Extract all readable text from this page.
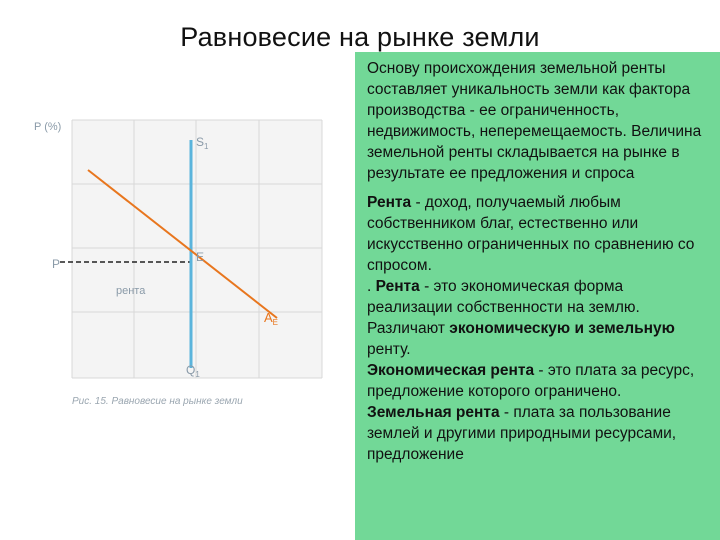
Равновесие на рынке земли
P (%)
$S_1$
E
P
рента
$A_E$
$Q_1$
Рис. 15. Равновесие на рынке земли

Основу происхождения земельной ренты составляет уникальность земли как фактора производства - ее ограниченность, недвижимость, неперемещаемость. Величина земельной ренты складывается на рынке в результате ее предложения и спроса

Рента - доход, получаемый любым собственником благ, естественно или искусственно ограниченных по сравнению со спросом.
. Рента - это экономическая форма реализации собственности на землю.
Различают экономическую и земельную ренту.
Экономическая рента - это плата за ресурс, предложение которого ограничено.
Земельная рента - плата за пользование землей и другими природными ресурсами, предложение
